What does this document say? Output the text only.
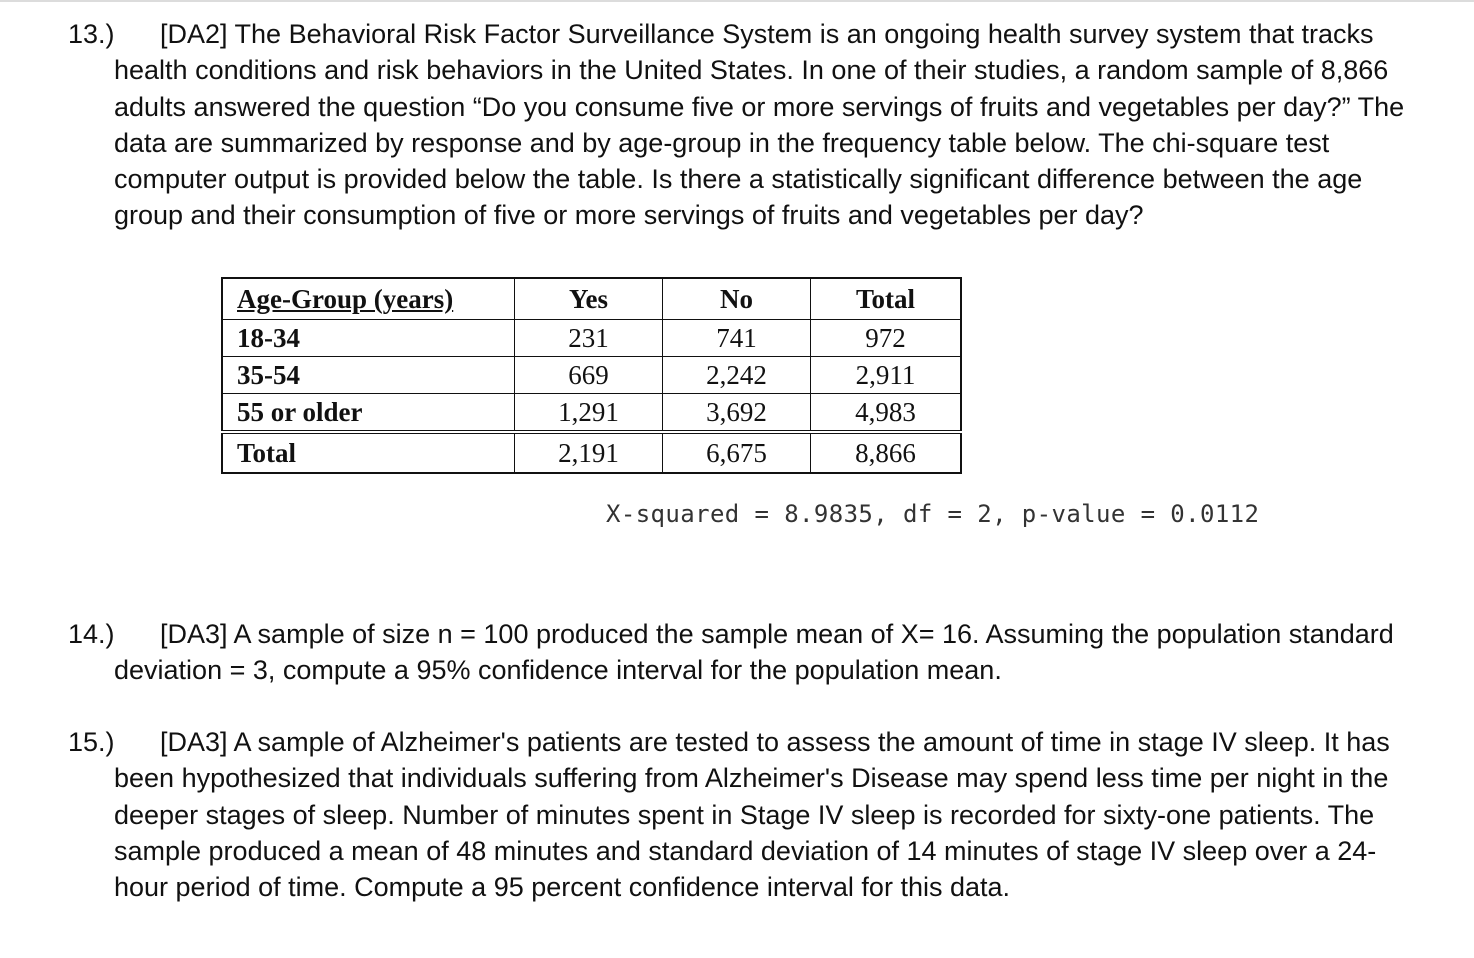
13.) [DA2] The Behavioral Risk Factor Surveillance System is an ongoing health survey system that tracks health conditions and risk behaviors in the United States. In one of their studies, a random sample of 8,866 adults answered the question “Do you consume five or more servings of fruits and vegetables per day?” The data are summarized by response and by age-group in the frequency table below. The chi-square test computer output is provided below the table. Is there a statistically significant difference between the age group and their consumption of five or more servings of fruits and vegetables per day?
Age-Group (years)	Yes	No	Total
18-34	231	741	972
35-54	669	2,242	2,911
55 or older	1,291	3,692	4,983
Total	2,191	6,675	8,866
X-squared = 8.9835, df = 2, p-value = 0.0112
14.) [DA3] A sample of size n = 100 produced the sample mean of X= 16. Assuming the population standard deviation = 3, compute a 95% confidence interval for the population mean.
15.) [DA3] A sample of Alzheimer's patients are tested to assess the amount of time in stage IV sleep. It has been hypothesized that individuals suffering from Alzheimer's Disease may spend less time per night in the deeper stages of sleep. Number of minutes spent in Stage IV sleep is recorded for sixty-one patients. The sample produced a mean of 48 minutes and standard deviation of 14 minutes of stage IV sleep over a 24-hour period of time. Compute a 95 percent confidence interval for this data.
